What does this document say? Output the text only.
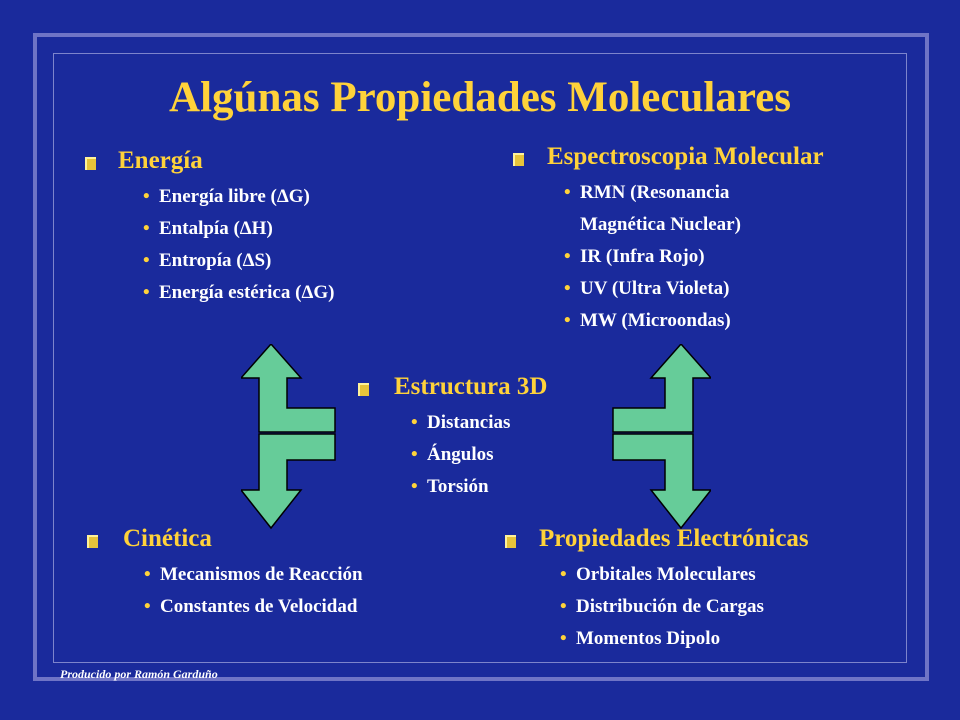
Algúnas Propiedades Moleculares
Energía
• Energía libre (ΔG)
• Entalpía (ΔH)
• Entropía (ΔS)
• Energía estérica (ΔG)
Espectroscopia Molecular
• RMN (Resonancia
Magnética Nuclear)
• IR (Infra Rojo)
• UV (Ultra Violeta)
• MW (Microondas)
Estructura 3D
• Distancias
• Ángulos
• Torsión
Cinética
• Mecanismos de Reacción
• Constantes de Velocidad
Propiedades Electrónicas
• Orbitales Moleculares
• Distribución de Cargas
• Momentos Dipolo
Producido por Ramón Garduño
